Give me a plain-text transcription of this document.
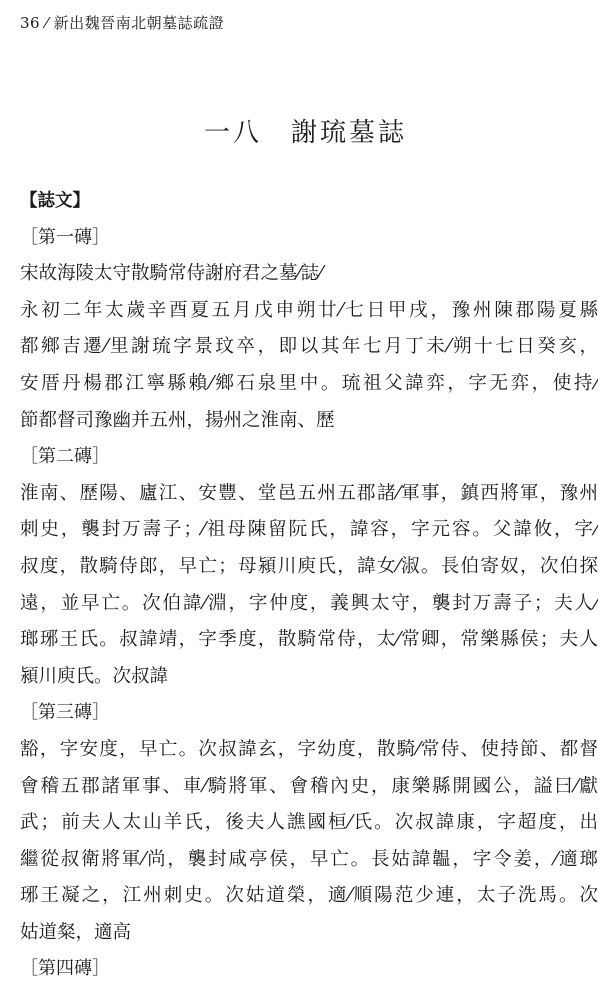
36 ⁄ 新出魏晉南北朝墓誌疏證
一八　謝琉墓誌
【誌文】
［第一磚］
宋故海陵太守散騎常侍謝府君之墓⁄誌⁄
永初二年太歲辛酉夏五月戊申朔廿⁄七日甲戌，豫州陳郡陽夏縣
都鄉吉遷⁄里謝琉字景玟卒，即以其年七月丁未⁄朔十七日癸亥，
安厝丹楊郡江寧縣賴⁄鄉石泉里中。琉祖父諱弈，字无弈，使持⁄
節都督司豫幽并五州，揚州之淮南、歷
［第二磚］
淮南、歷陽、廬江、安豐、堂邑五州五郡諸⁄軍事，鎮西將軍，豫州
刺史，襲封万壽子；⁄祖母陳留阮氏，諱容，字元容。父諱攸，字⁄
叔度，散騎侍郎，早亡；母潁川庾氏，諱女⁄淑。長伯寄奴，次伯探
遠，並早亡。次伯諱⁄淵，字仲度，義興太守，襲封万壽子；夫人⁄
瑯琊王氏。叔諱靖，字季度，散騎常侍，太⁄常卿，常樂縣侯；夫人
潁川庾氏。次叔諱
［第三磚］
豁，字安度，早亡。次叔諱玄，字幼度，散騎⁄常侍、使持節、都督
會稽五郡諸軍事、車⁄騎將軍、會稽內史，康樂縣開國公，謚曰⁄獻
武；前夫人太山羊氏，後夫人譙國桓⁄氏。次叔諱康，字超度，出
繼從叔衛將軍⁄尚，襲封咸亭侯，早亡。長姑諱韞，字令姜，⁄適瑯
琊王凝之，江州刺史。次姑道榮，適⁄順陽范少連，太子洗馬。次
姑道粲，適高
［第四磚］
